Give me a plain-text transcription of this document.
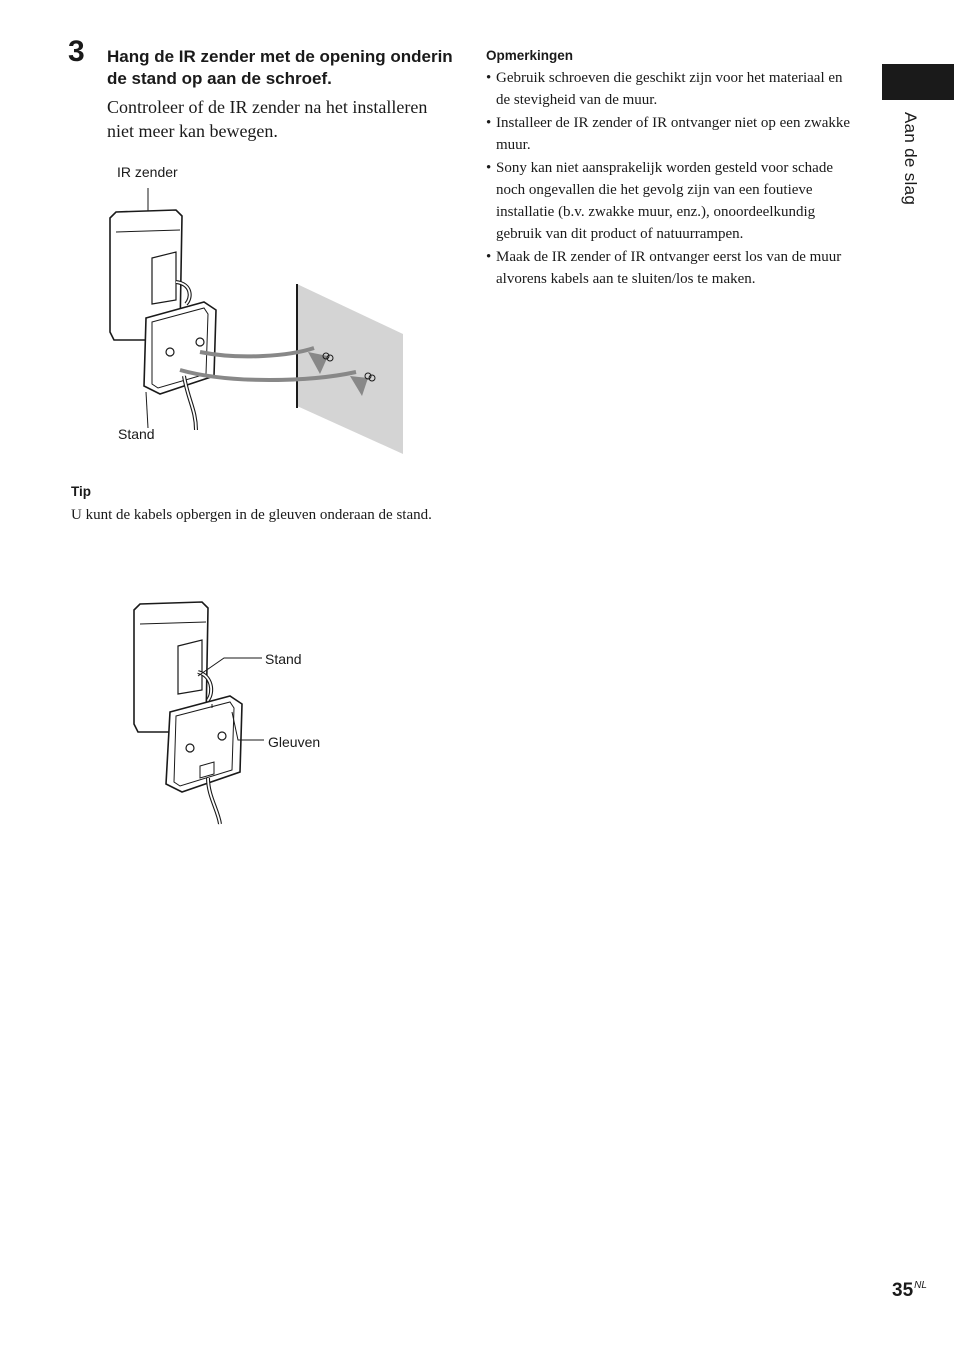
3 Hang de IR zender met de opening onderin de stand op aan de schroef.
Controleer of de IR zender na het installeren niet meer kan bewegen.
IR zender
Stand
Tip
U kunt de kabels opbergen in de gleuven onderaan de stand.
Stand
Gleuven
Opmerkingen
• Gebruik schroeven die geschikt zijn voor het materiaal en de stevigheid van de muur.
• Installeer de IR zender of IR ontvanger niet op een zwakke muur.
• Sony kan niet aansprakelijk worden gesteld voor schade noch ongevallen die het gevolg zijn van een foutieve installatie (b.v. zwakke muur, enz.), onoordeelkundig gebruik van dit product of natuurrampen.
• Maak de IR zender of IR ontvanger eerst los van de muur alvorens kabels aan te sluiten/los te maken.
Aan de slag
$35^{NL}$
